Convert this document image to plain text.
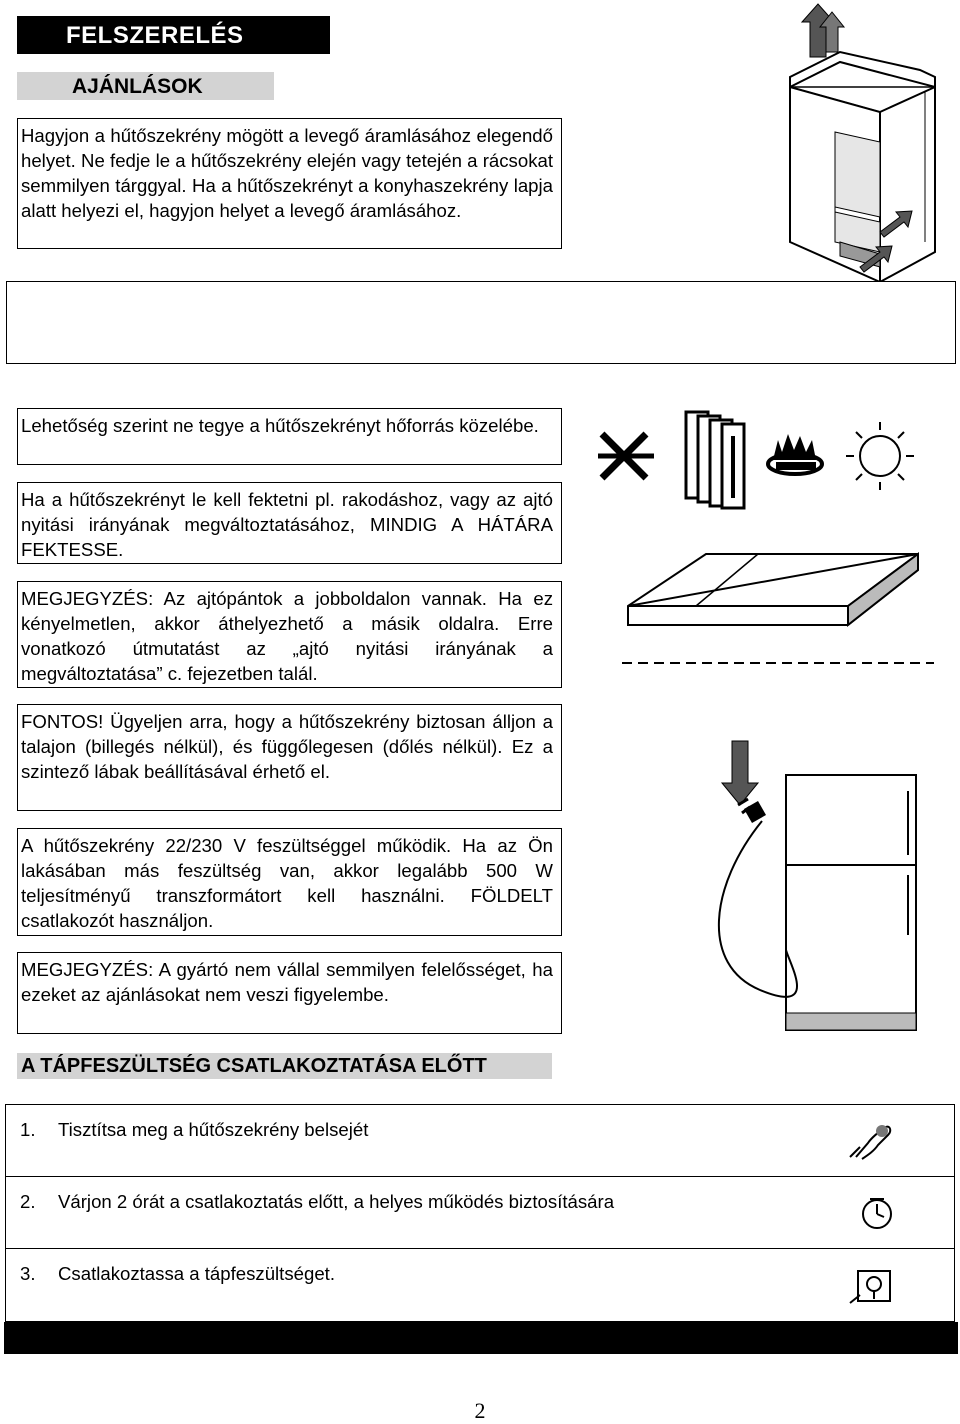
FELSZERELÉS
AJÁNLÁSOK

Hagyjon a hűtőszekrény mögött a levegő áramlásához elegendő helyet. Ne fedje le a hűtőszekrény elején vagy tetején a rácsokat semmilyen tárggyal. Ha a hűtőszekrényt a konyhaszekrény lapja alatt helyezi el, hagyjon helyet a levegő áramlásához.

Lehetőség szerint ne tegye a hűtőszekrényt hőforrás közelébe.

Ha a hűtőszekrényt le kell fektetni pl. rakodáshoz, vagy az ajtó nyitási irányának megváltoztatásához, MINDIG A HÁTÁRA FEKTESSE.

MEGJEGYZÉS: Az ajtópántok a jobboldalon vannak. Ha ez kényelmetlen, akkor áthelyezhető a másik oldalra. Erre vonatkozó útmutatást az „ajtó nyitási irányának a megváltoztatása” c. fejezetben talál.

FONTOS! Ügyeljen arra, hogy a hűtőszekrény biztosan álljon a talajon (billegés nélkül), és függőlegesen (dőlés nélkül). Ez a szintező lábak beállításával érhető el.

A hűtőszekrény 22/230 V feszültséggel működik. Ha az Ön lakásában más feszültség van, akkor legalább 500 W teljesítményű transzformátort kell használni. FÖLDELT csatlakozót használjon.

MEGJEGYZÉS: A gyártó nem vállal semmilyen felelősséget, ha ezeket az ajánlásokat nem veszi figyelembe.

A TÁPFESZÜLTSÉG CSATLAKOZTATÁSA ELŐTT
1. Tisztítsa meg a hűtőszekrény belsejét
2. Várjon 2 órát a csatlakoztatás előtt, a helyes működés biztosítására
3. Csatlakoztassa a tápfeszültséget.
2
